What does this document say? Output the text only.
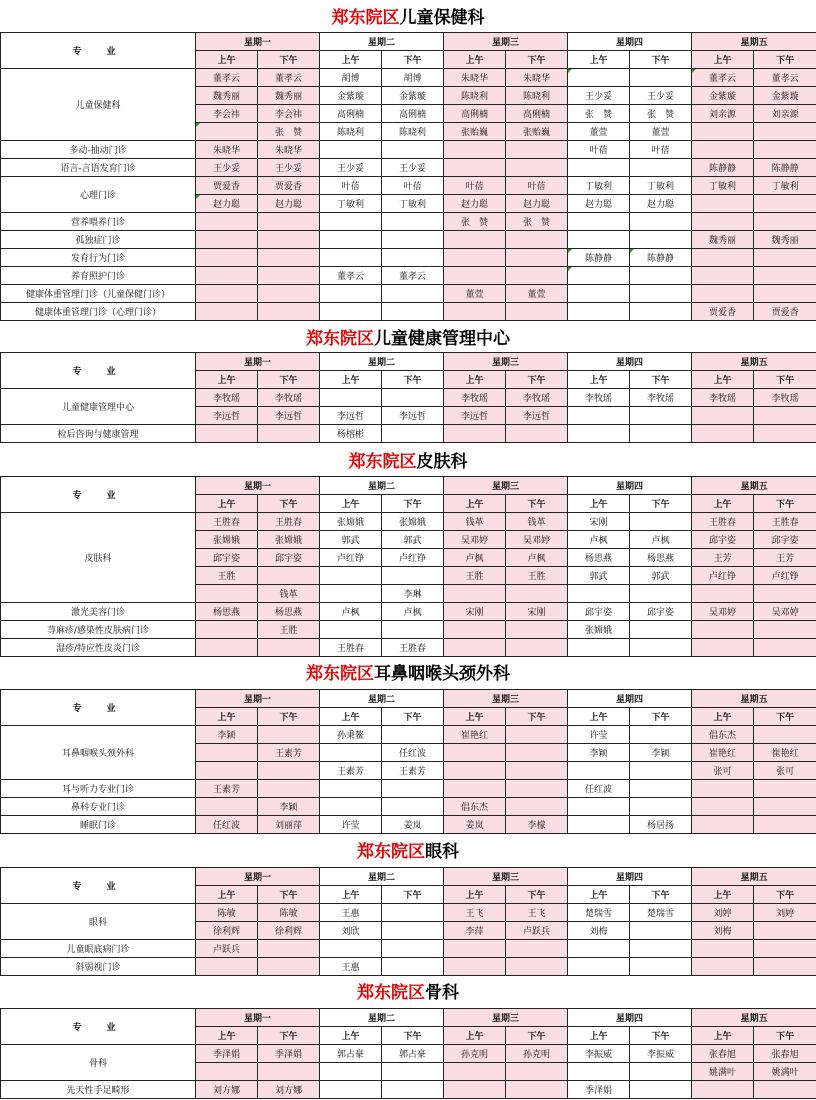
郑东院区儿童保健科
专　业	星期一		星期二		星期三		星期四		星期五	
	上午	下午	上午	下午	上午	下午	上午	下午	上午	下午
儿童保健科	董孝云	董孝云	胡博	胡博	朱晓华	朱晓华			董孝云	董孝云
	魏秀丽	魏秀丽	金紫璇	金紫璇	陈晓利	陈晓利	王少妥	王少妥	金紫璇	金紫璇
	李会祎	李会祎	高俐楠	高俐楠	高俐楠	高俐楠	张　赞	张　赞	刘亲源	刘亲源
		张　赞	陈晓利	陈晓利	张贻巍	张贻巍	董萱	董萱		
多动-抽动门诊	朱晓华	朱晓华					叶蓓	叶蓓		
语言-言语发育门诊	王少妥	王少妥	王少妥	王少妥					陈静静	陈静静
心理门诊	贾爱香	贾爱香	叶蓓	叶蓓	叶蓓	叶蓓	丁敏利	丁敏利	丁敏利	丁敏利
	赵力聪	赵力聪	丁敏利	丁敏利	赵力聪	赵力聪	赵力聪	赵力聪		
营养喂养门诊					张　赞	张　赞				
孤独症门诊									魏秀丽	魏秀丽
发育行为门诊							陈静静	陈静静		
养育照护门诊			董孝云	董孝云						
健康体重管理门诊（儿童保健门诊）					董萱	董萱				
健康体重管理门诊（心理门诊）									贾爱香	贾爱香
郑东院区儿童健康管理中心
专　业	星期一		星期二		星期三		星期四		星期五	
	上午	下午	上午	下午	上午	下午	上午	下午	上午	下午
儿童健康管理中心	李牧瑶	李牧瑶			李牧瑶	李牧瑶	李牧瑶	李牧瑶	李牧瑶	李牧瑶
	李远哲	李远哲	李远哲	李远哲	李远哲	李远哲				
检后咨询与健康管理			杨榕彬							
郑东院区皮肤科
专　业	星期一		星期二		星期三		星期四		星期五	
	上午	下午	上午	下午	上午	下午	上午	下午	上午	下午
皮肤科	王胜春	王胜春	张嫦娥	张嫦娥	钱革	钱革	宋刚		王胜春	王胜春
	张嫦娥	张嫦娥	郭武	郭武	吴邓婷	吴邓婷	卢枫	卢枫	邱宇姿	邱宇姿
	邱宇姿	邱宇姿	卢红铮	卢红铮	卢枫	卢枫	杨思燕	杨思燕	王芳	王芳
	王胜				王胜	王胜	郭武	郭武	卢红铮	卢红铮
		钱革		李琳						
激光美容门诊	杨思燕	杨思燕	卢枫	卢枫	宋刚	宋刚	邱宇姿	邱宇姿	吴邓婷	吴邓婷
荨麻疹/感染性皮肤病门诊		王胜					张嫦娥			
湿疹/特应性皮炎门诊			王胜春	王胜春						
郑东院区耳鼻咽喉头颈外科
专　业	星期一		星期二		星期三		星期四		星期五	
	上午	下午	上午	下午	上午	下午	上午	下午	上午	下午
耳鼻咽喉头颈外科	李颖		孙秉鳌		崔艳红		许莹		倡东杰	
		王素芳		任红波			李颖	李颖	崔艳红	崔艳红
			王素芳	王素芳					张可	张可
耳与听力专业门诊	王素芳						任红波			
鼻科专业门诊		李颖			倡东杰					
睡眠门诊	任红波	刘丽萍	许莹	姜岚	姜岚	李檬		杨居扬		
郑东院区眼科
专　业	星期一		星期二		星期三		星期四		星期五	
	上午	下午	上午	下午	上午	下午	上午	下午	上午	下午
眼科	陈敏	陈敏	王惠		王飞	王飞	楚瑞雪	楚瑞雪	刘婷	刘婷
	徐利辉	徐利辉	刘欣		李萍	卢跃兵	刘梅		刘梅	
儿童眼底病门诊	卢跃兵									
斜弱视门诊			王惠							
郑东院区骨科
专　业	星期一		星期二		星期三		星期四		星期五	
	上午	下午	上午	下午	上午	下午	上午	下午	上午	下午
骨科	季泽娟	季泽娟	郭占豪	郭占豪	孙克明	孙克明	李振威	李振威	张春旭	张春旭
									姚满叶	姚满叶
先天性手足畸形	刘方娜	刘方娜					季泽娟			
